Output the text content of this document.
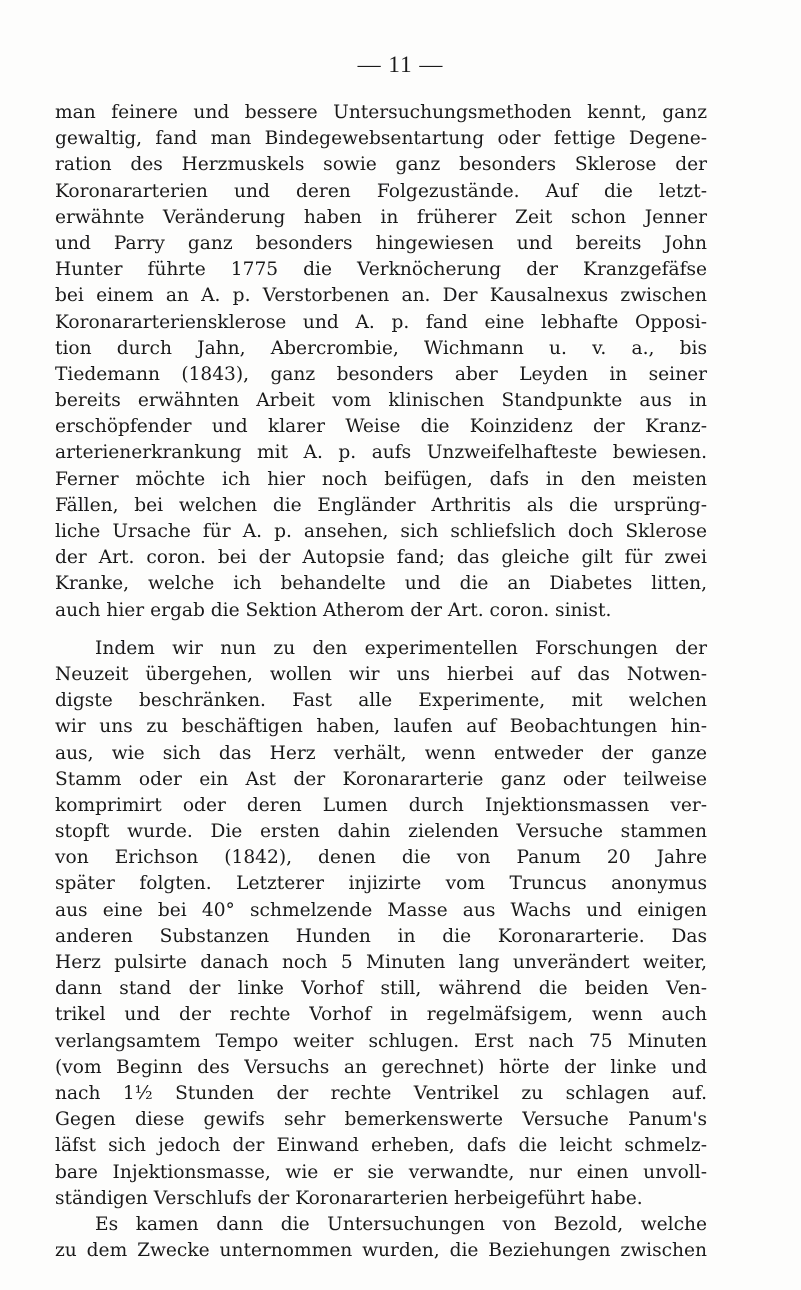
— 11 —
man feinere und bessere Untersuchungsmethoden kennt, ganz
gewaltig, fand man Bindegewebsentartung oder fettige Degene-
ration des Herzmuskels sowie ganz besonders Sklerose der
Koronararterien und deren Folgezustände. Auf die letzt-
erwähnte Veränderung haben in früherer Zeit schon Jenner
und Parry ganz besonders hingewiesen und bereits John
Hunter führte 1775 die Verknöcherung der Kranzgefäfse
bei einem an A. p. Verstorbenen an. Der Kausalnexus zwischen
Koronararteriensklerose und A. p. fand eine lebhafte Opposi-
tion durch Jahn, Abercrombie, Wichmann u. v. a., bis
Tiedemann (1843), ganz besonders aber Leyden in seiner
bereits erwähnten Arbeit vom klinischen Standpunkte aus in
erschöpfender und klarer Weise die Koinzidenz der Kranz-
arterienerkrankung mit A. p. aufs Unzweifelhafteste bewiesen.
Ferner möchte ich hier noch beifügen, dafs in den meisten
Fällen, bei welchen die Engländer Arthritis als die ursprüng-
liche Ursache für A. p. ansehen, sich schliefslich doch Sklerose
der Art. coron. bei der Autopsie fand; das gleiche gilt für zwei
Kranke, welche ich behandelte und die an Diabetes litten,
auch hier ergab die Sektion Atherom der Art. coron. sinist.
Indem wir nun zu den experimentellen Forschungen der
Neuzeit übergehen, wollen wir uns hierbei auf das Notwen-
digste beschränken. Fast alle Experimente, mit welchen
wir uns zu beschäftigen haben, laufen auf Beobachtungen hin-
aus, wie sich das Herz verhält, wenn entweder der ganze
Stamm oder ein Ast der Koronararterie ganz oder teilweise
komprimirt oder deren Lumen durch Injektionsmassen ver-
stopft wurde. Die ersten dahin zielenden Versuche stammen
von Erichson (1842), denen die von Panum 20 Jahre
später folgten. Letzterer injizirte vom Truncus anonymus
aus eine bei 40° schmelzende Masse aus Wachs und einigen
anderen Substanzen Hunden in die Koronararterie. Das
Herz pulsirte danach noch 5 Minuten lang unverändert weiter,
dann stand der linke Vorhof still, während die beiden Ven-
trikel und der rechte Vorhof in regelmäfsigem, wenn auch
verlangsamtem Tempo weiter schlugen. Erst nach 75 Minuten
(vom Beginn des Versuchs an gerechnet) hörte der linke und
nach 1½ Stunden der rechte Ventrikel zu schlagen auf.
Gegen diese gewifs sehr bemerkenswerte Versuche Panum's
läfst sich jedoch der Einwand erheben, dafs die leicht schmelz-
bare Injektionsmasse, wie er sie verwandte, nur einen unvoll-
ständigen Verschlufs der Koronararterien herbeigeführt habe.
Es kamen dann die Untersuchungen von Bezold, welche
zu dem Zwecke unternommen wurden, die Beziehungen zwischen
